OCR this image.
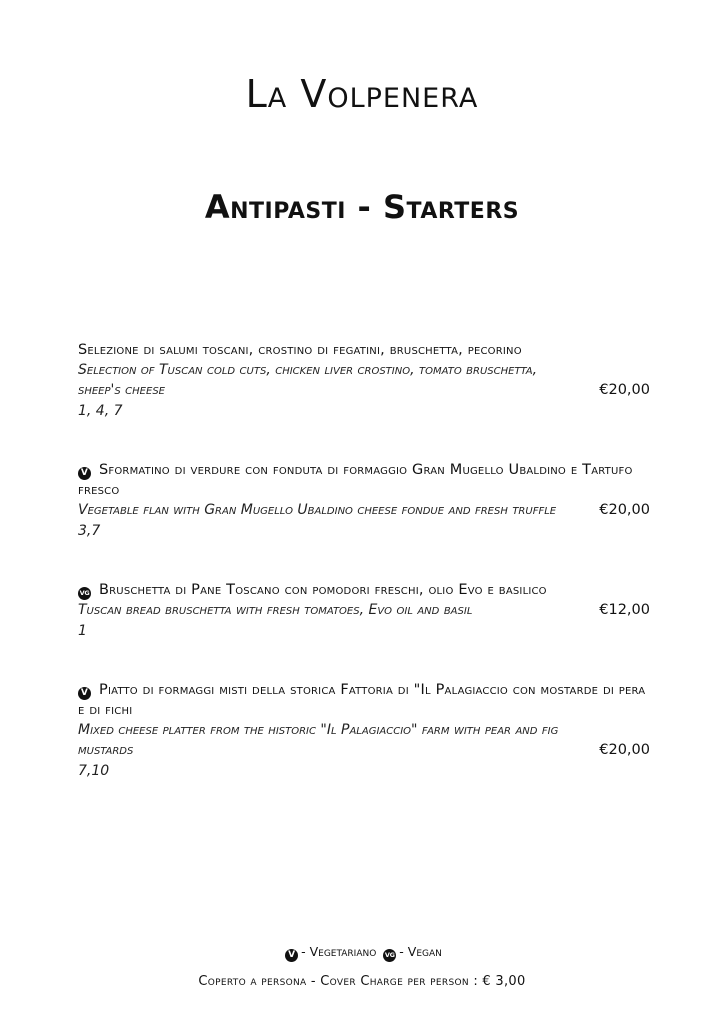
La Volpenera
Antipasti - Starters
Selezione di salumi toscani, crostino di fegatini, bruschetta, pecorino
Selection of Tuscan cold cuts, chicken liver crostino, tomato bruschetta, sheep's cheese	€20,00
1, 4, 7
V Sformatino di verdure con fonduta di formaggio Gran Mugello Ubaldino e Tartufo fresco
Vegetable flan with Gran Mugello Ubaldino cheese fondue and fresh truffle	€20,00
3,7
VG Bruschetta di Pane Toscano con pomodori freschi, olio Evo e basilico
Tuscan bread bruschetta with fresh tomatoes, Evo oil and basil	€12,00
1
V Piatto di formaggi misti della storica Fattoria di "Il Palagiaccio con mostarde di pera e di fichi
Mixed cheese platter from the historic "Il Palagiaccio" farm with pear and fig mustards	€20,00
7,10
V - Vegetariano VG - Vegan
Coperto a persona - Cover Charge per person : € 3,00
